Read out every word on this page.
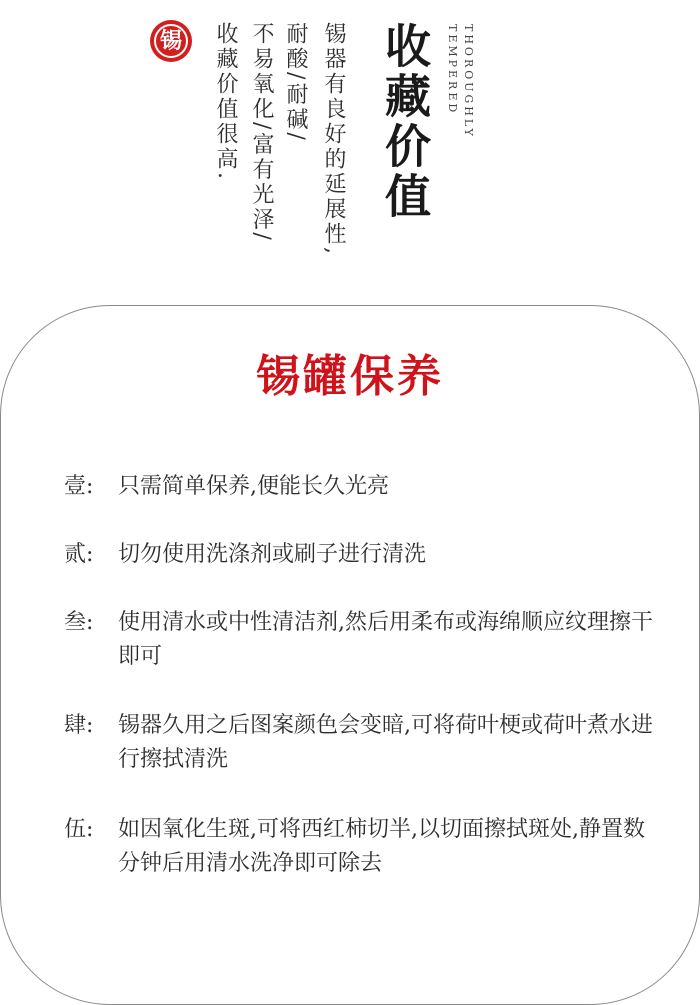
锡	收藏价值	THOROUGHLY
TEMPERED
锡器有良好的延展性,
耐酸/耐碱/
不易氧化/富有光泽/
收藏价值很高.
锡罐保养
壹:	只需简单保养,便能长久光亮
贰:	切勿使用洗涤剂或刷子进行清洗
叁:	使用清水或中性清洁剂,然后用柔布或海绵顺应纹理擦干即可
肆:	锡器久用之后图案颜色会变暗,可将荷叶梗或荷叶煮水进行擦拭清洗
伍:	如因氧化生斑,可将西红柿切半,以切面擦拭斑处,静置数分钟后用清水洗净即可除去
